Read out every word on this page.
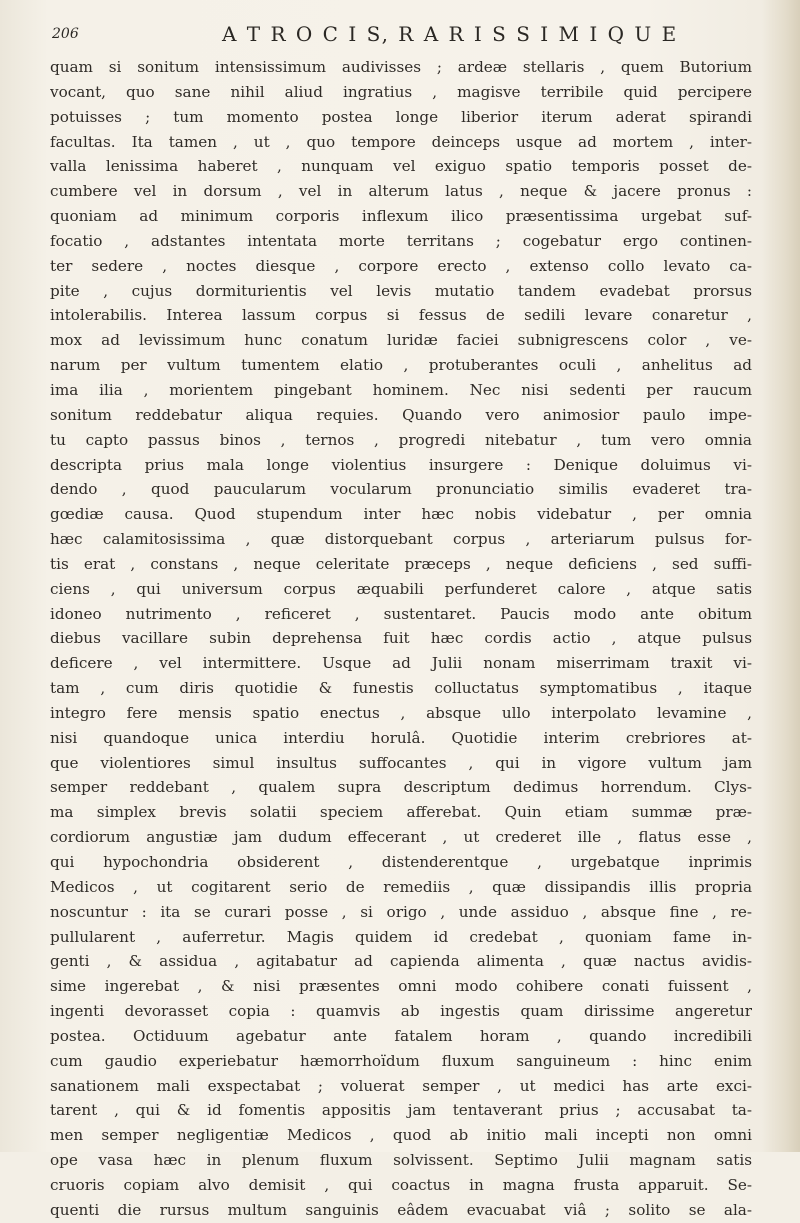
206	A T R O C I S, R A R I S S I M I Q U E
quam si sonitum intensissimum audivisses ; ardeæ stellaris , quem Butorium
vocant, quo sane nihil aliud ingratius , magisve terribile quid percipere
potuisses ; tum momento postea longe liberior iterum aderat spirandi
facultas. Ita tamen , ut , quo tempore deinceps usque ad mortem , inter-
valla lenissima haberet , nunquam vel exiguo spatio temporis posset de-
cumbere vel in dorsum , vel in alterum latus , neque & jacere pronus :
quoniam ad minimum corporis inflexum ilico præsentissima urgebat suf-
focatio , adstantes intentata morte territans ; cogebatur ergo continen-
ter sedere , noctes diesque , corpore erecto , extenso collo levato ca-
pite , cujus dormiturientis vel levis mutatio tandem evadebat prorsus
intolerabilis. Interea lassum corpus si fessus de sedili levare conaretur ,
mox ad levissimum hunc conatum luridæ faciei subnigrescens color , ve-
narum per vultum tumentem elatio , protuberantes oculi , anhelitus ad
ima ilia , morientem pingebant hominem. Nec nisi sedenti per raucum
sonitum reddebatur aliqua requies. Quando vero animosior paulo impe-
tu capto passus binos , ternos , progredi nitebatur , tum vero omnia
descripta prius mala longe violentius insurgere : Denique doluimus vi-
dendo , quod paucularum vocularum pronunciatio similis evaderet tra-
gœdiæ causa. Quod stupendum inter hæc nobis videbatur , per omnia
hæc calamitosissima , quæ distorquebant corpus , arteriarum pulsus for-
tis erat , constans , neque celeritate præceps , neque deficiens , sed suffi-
ciens , qui universum corpus æquabili perfunderet calore , atque satis
idoneo nutrimento , reficeret , sustentaret. Paucis modo ante obitum
diebus vacillare subin deprehensa fuit hæc cordis actio , atque pulsus
deficere , vel intermittere. Usque ad Julii nonam miserrimam traxit vi-
tam , cum diris quotidie & funestis colluctatus symptomatibus , itaque
integro fere mensis spatio enectus , absque ullo interpolato levamine ,
nisi quandoque unica interdiu horulâ. Quotidie interim crebriores at-
que violentiores simul insultus suffocantes , qui in vigore vultum jam
semper reddebant , qualem supra descriptum dedimus horrendum. Clys-
ma simplex brevis solatii speciem afferebat. Quin etiam summæ præ-
cordiorum angustiæ jam dudum effecerant , ut crederet ille , flatus esse ,
qui hypochondria obsiderent , distenderentque , urgebatque inprimis
Medicos , ut cogitarent serio de remediis , quæ dissipandis illis propria
noscuntur : ita se curari posse , si origo , unde assiduo , absque fine , re-
pullularent , auferretur. Magis quidem id credebat , quoniam fame in-
genti , & assidua , agitabatur ad capienda alimenta , quæ nactus avidis-
sime ingerebat , & nisi præsentes omni modo cohibere conati fuissent ,
ingenti devorasset copia : quamvis ab ingestis quam dirissime angeretur
postea. Octiduum agebatur ante fatalem horam , quando incredibili
cum gaudio experiebatur hæmorrhoïdum fluxum sanguineum : hinc enim
sanationem mali exspectabat ; voluerat semper , ut medici has arte exci-
tarent , qui & id fomentis appositis jam tentaverant prius ; accusabat ta-
men semper negligentiæ Medicos , quod ab initio mali incepti non omni
ope vasa hæc in plenum fluxum solvissent. Septimo Julii magnam satis
cruoris copiam alvo demisit , qui coactus in magna frusta apparuit. Se-
quenti die rursus multum sanguinis eâdem evacuabat viâ ; solito se ala-
